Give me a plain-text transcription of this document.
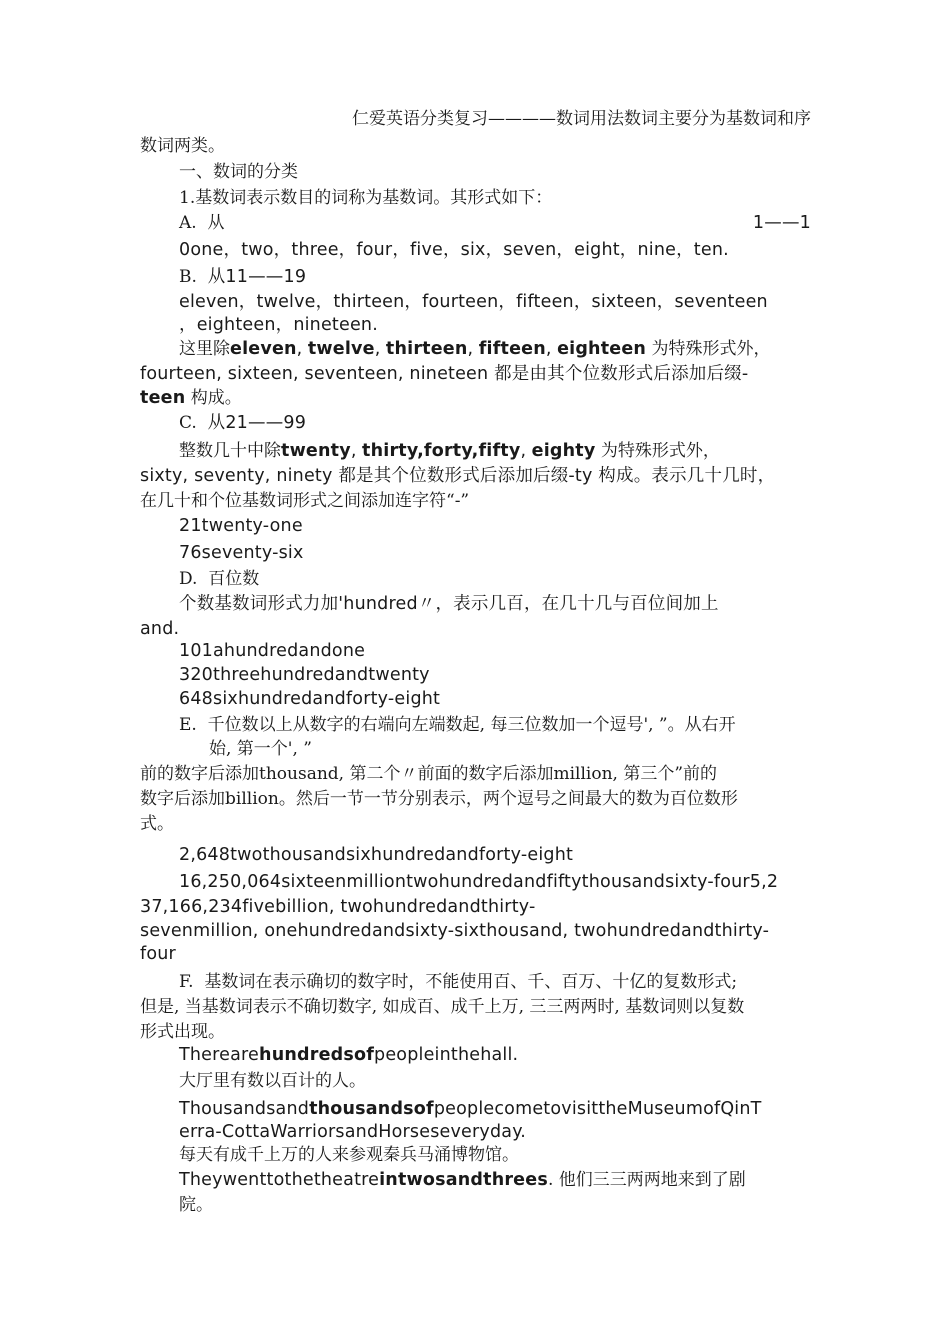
仁爱英语分类复习————数词用法数词主要分为基数词和序
数词两类。
一、数词的分类
1.基数词表示数目的词称为基数词。其形式如下：
A. 从	1——1
0one，two，three，four，five，six，seven，eight，nine，ten.
B. 从11——19
eleven，twelve，thirteen，fourteen，fifteen，sixteen，seventeen
，eighteen，nineteen.
这里除eleven, twelve, thirteen, fifteen, eighteen 为特殊形式外，
fourteen, sixteen, seventeen, nineteen 都是由其个位数形式后添加后缀-
teen 构成。
C. 从21——99
整数几十中除twenty, thirty,forty,fifty, eighty 为特殊形式外，
sixty, seventy, ninety 都是其个位数形式后添加后缀-ty 构成。表示几十几时，
在几十和个位基数词形式之间添加连字符“-”
21twenty-one
76seventy-six
D. 百位数
个数基数词形式力加'hundred〃，表示几百，在几十几与百位间加上
and.
101ahundredandone
320threehundredandtwenty
648sixhundredandforty-eight
E. 千位数以上从数字的右端向左端数起, 每三位数加一个逗号', ”。从右开
始, 第一个', ”
前的数字后添加thousand, 第二个〃前面的数字后添加million, 第三个”前的
数字后添加billion。然后一节一节分别表示，两个逗号之间最大的数为百位数形
式。
2,648twothousandsixhundredandforty-eight
16,250,064sixteenmilliontwohundredandfiftythousandsixty-four5,2
37,166,234fivebillion, twohundredandthirty-
sevenmillion, onehundredandsixty-sixthousand, twohundredandthirty-
four
F. 基数词在表示确切的数字时，不能使用百、千、百万、十亿的复数形式;
但是, 当基数词表示不确切数字, 如成百、成千上万, 三三两两时, 基数词则以复数
形式出现。
Therearehundredsofpeopleinthehall.
大厅里有数以百计的人。
ThousandsandthousandsofpeoplecometovisittheMuseumofQinT
erra-CottaWarriorsandHorseseveryday.
每天有成千上万的人来参观秦兵马涌博物馆。
Theywenttothetheatreintwosandthrees. 他们三三两两地来到了剧
院。
